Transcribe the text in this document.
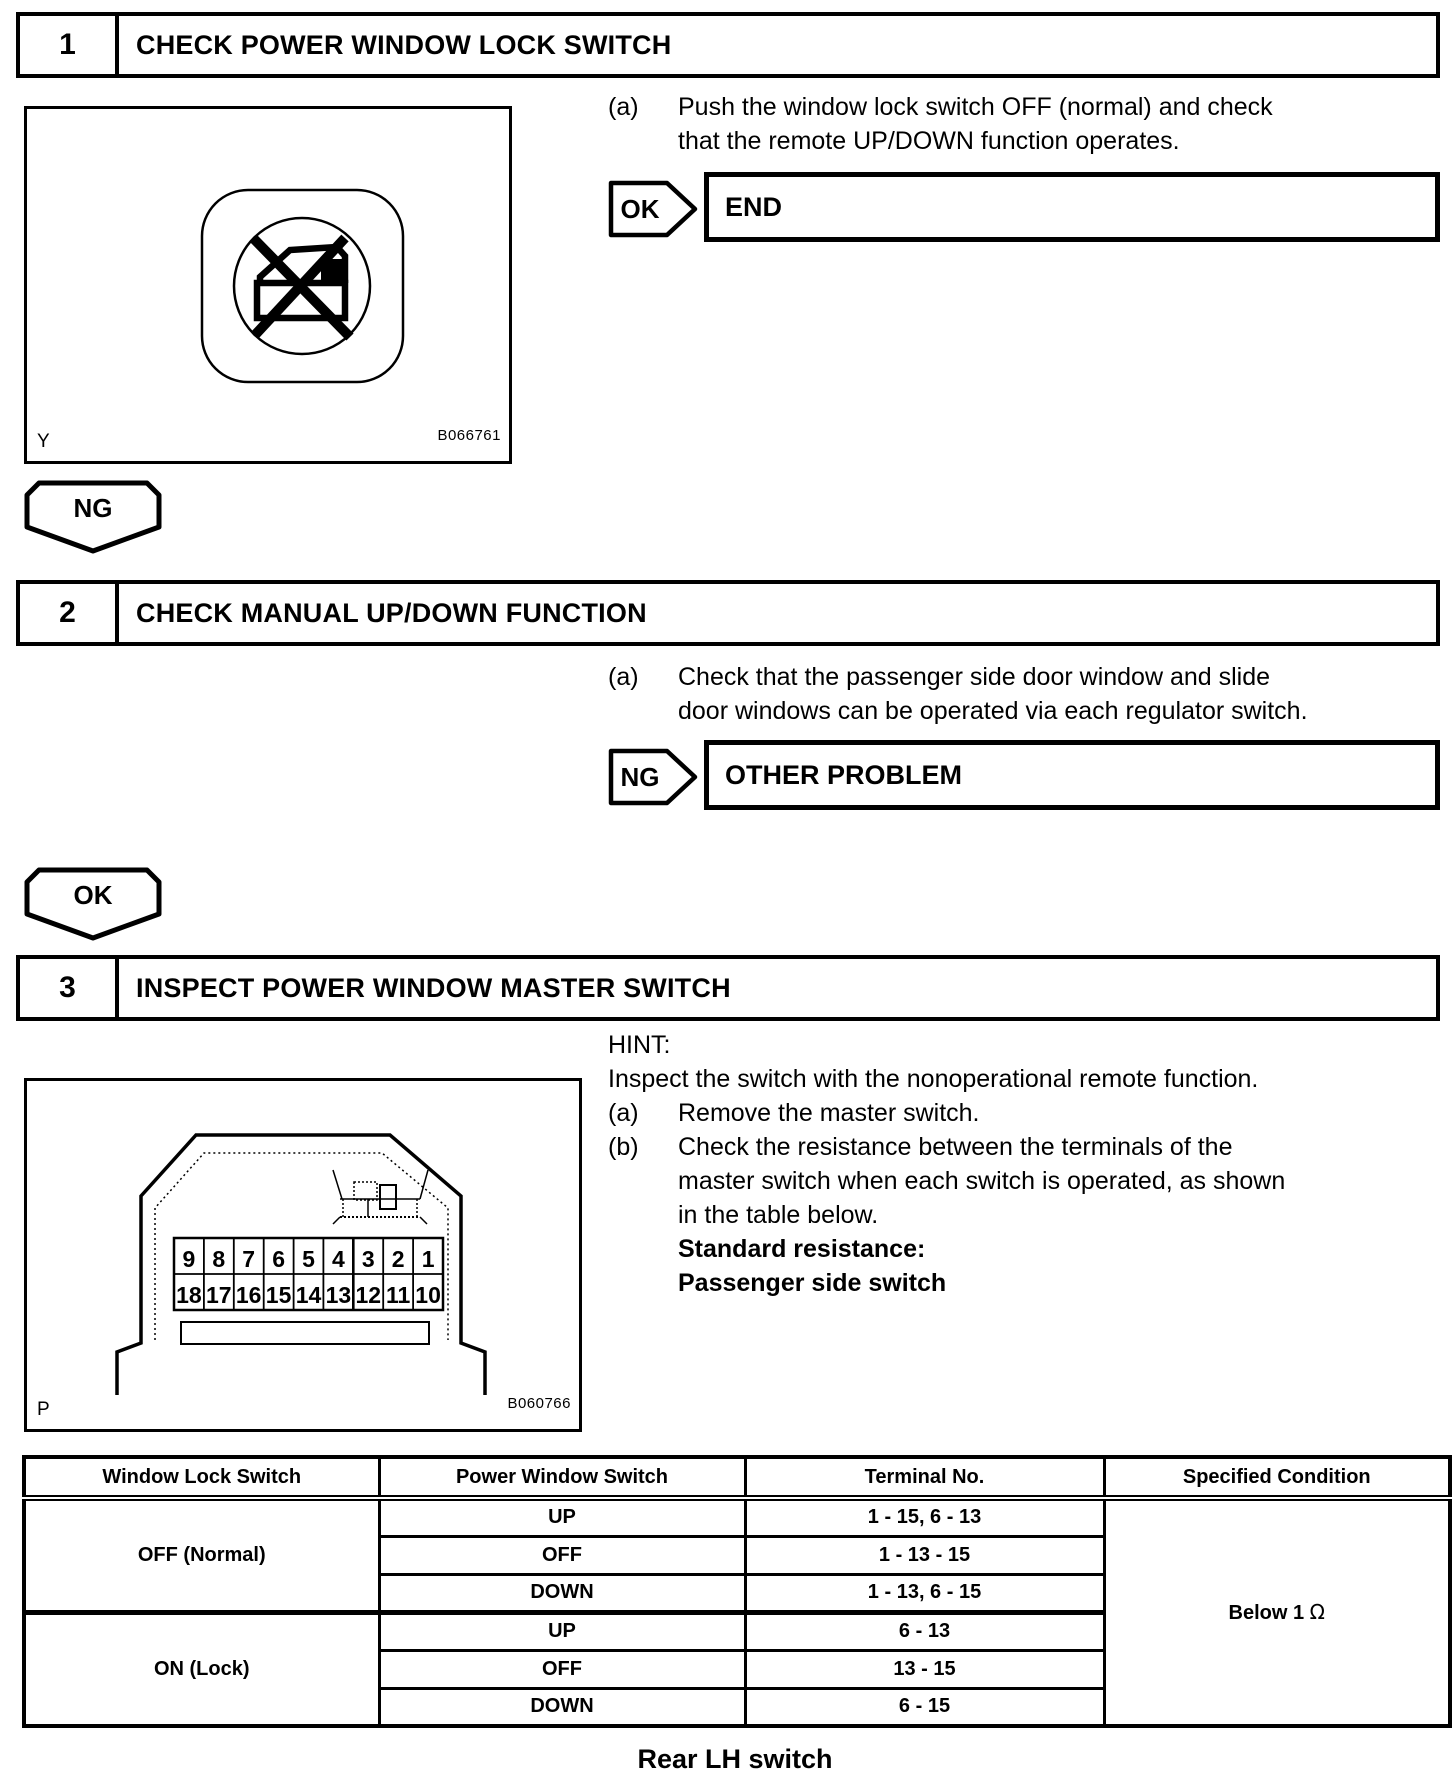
1	CHECK POWER WINDOW LOCK SWITCH
Y	B066761
(a)	Push the window lock switch OFF (normal) and check
that the remote UP/DOWN function operates.
OK	END
NG
2	CHECK MANUAL UP/DOWN FUNCTION
(a)	Check that the passenger side door window and slide
door windows can be operated via each regulator switch.
NG	OTHER PROBLEM
OK
3	INSPECT POWER WINDOW MASTER SWITCH
HINT:
Inspect the switch with the nonoperational remote function.
(a)	Remove the master switch.
(b)	Check the resistance between the terminals of the
master switch when each switch is operated, as shown
in the table below.
Standard resistance:
Passenger side switch
9 8 7 6 5 4 3 2 1
18 17 16 15 14 13 12 11 10
P	B060766
Window Lock Switch	Power Window Switch	Terminal No.	Specified Condition
OFF (Normal)	UP	1 - 15, 6 - 13	Below 1 Ω
	OFF	1 - 13 - 15	
	DOWN	1 - 13, 6 - 15	
ON (Lock)	UP	6 - 13	
	OFF	13 - 15	
	DOWN	6 - 15	
Rear LH switch
